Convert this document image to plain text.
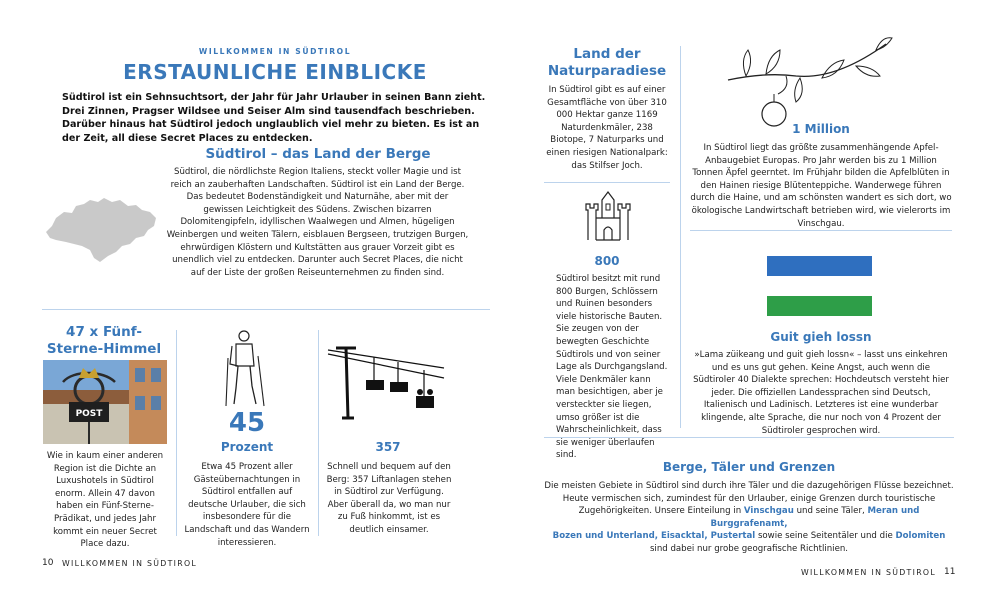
WILLKOMMEN IN SÜDTIROL
ERSTAUNLICHE EINBLICKE
Südtirol ist ein Sehnsuchtsort, der Jahr für Jahr Urlauber in seinen Bann zieht. Drei Zinnen, Pragser Wildsee und Seiser Alm sind tausendfach beschrieben. Darüber hinaus hat Südtirol jedoch unglaublich viel mehr zu bieten. Es ist an der Zeit, all diese Secret Places zu entdecken.
Südtirol – das Land der Berge
Südtirol, die nördlichste Region Italiens, steckt voller Magie und ist reich an zauberhaften Landschaften. Südtirol ist ein Land der Berge. Das bedeutet Bodenständigkeit und Naturnähe, aber mit der gewissen Leichtigkeit des Südens. Zwischen bizarren Dolomitengipfeln, idyllischen Waalwegen und Almen, hügeligen Weinbergen und weiten Tälern, eisblauen Bergseen, trutzigen Burgen, ehrwürdigen Klöstern und Kultstätten aus grauer Vorzeit gibt es unendlich viel zu entdecken. Darunter auch Secret Places, die nicht auf der Liste der großen Reiseunternehmen zu finden sind.
47 x Fünf-Sterne-Himmel
POST
Wie in kaum einer anderen Region ist die Dichte an Luxushotels in Südtirol enorm. Allein 47 davon haben ein Fünf-Sterne-Prädikat, und jedes Jahr kommt ein neuer Secret Place dazu.
45
Prozent
Etwa 45 Prozent aller Gästeübernachtungen in Südtirol entfallen auf deutsche Urlauber, die sich insbesondere für die Landschaft und das Wandern interessieren.
357
Schnell und bequem auf den Berg: 357 Liftanlagen stehen in Südtirol zur Verfügung. Aber überall da, wo man nur zu Fuß hinkommt, ist es deutlich einsamer.
10 WILLKOMMEN IN SÜDTIROL
Land der Naturparadiese
In Südtirol gibt es auf einer Gesamtfläche von über 310 000 Hektar ganze 1169 Naturdenkmäler, 238 Biotope, 7 Naturparks und einen riesigen Nationalpark: das Stilfser Joch.
800
Südtirol besitzt mit rund 800 Burgen, Schlössern und Ruinen besonders viele historische Bauten. Sie zeugen von der bewegten Geschichte Südtirols und von seiner Lage als Durchgangsland. Viele Denkmäler kann man besichtigen, aber je versteckter sie liegen, umso größer ist die Wahrscheinlichkeit, dass sie weniger überlaufen sind.
1 Million
In Südtirol liegt das größte zusammenhängende Apfel-Anbaugebiet Europas. Pro Jahr werden bis zu 1 Million Tonnen Äpfel geerntet. Im Frühjahr bilden die Apfelblüten in den Hainen riesige Blütenteppiche. Wanderwege führen durch die Haine, und am schönsten wandert es sich dort, wo ökologische Landwirtschaft betrieben wird, wie vielerorts im Vinschgau.
Guit gieh lossn
»Lama züikeang und guit gieh lossn« – lasst uns einkehren und es uns gut gehen. Keine Angst, auch wenn die Südtiroler 40 Dialekte sprechen: Hochdeutsch versteht hier jeder. Die offiziellen Landessprachen sind Deutsch, Italienisch und Ladinisch. Letzteres ist eine wunderbar klingende, alte Sprache, die nur noch von 4 Prozent der Südtiroler gesprochen wird.
Berge, Täler und Grenzen
Die meisten Gebiete in Südtirol sind durch ihre Täler und die dazugehörigen Flüsse bezeichnet.
Heute vermischen sich, zumindest für den Urlauber, einige Grenzen durch touristische
Zugehörigkeiten. Unsere Einteilung in Vinschgau und seine Täler, Meran und Burggrafenamt,
Bozen und Unterland, Eisacktal, Pustertal sowie seine Seitentäler und die Dolomiten
sind dabei nur grobe geografische Richtlinien.
WILLKOMMEN IN SÜDTIROL 11
